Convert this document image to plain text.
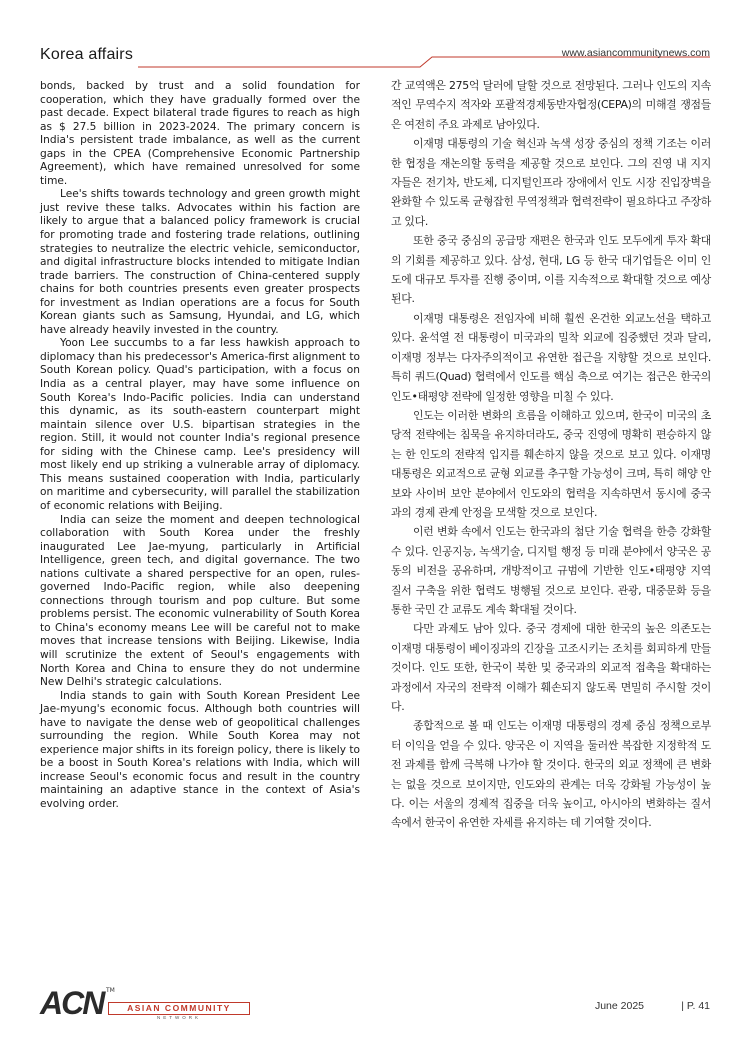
Korea affairs	www.asiancommunitynews.com

bonds, backed by trust and a solid foundation for cooperation, which they have gradually formed over the past decade. Expect bilateral trade figures to reach as high as $ 27.5 billion in 2023-2024. The primary concern is India's persistent trade imbalance, as well as the current gaps in the CPEA (Comprehensive Economic Partnership Agreement), which have remained unresolved for some time.

Lee's shifts towards technology and green growth might just revive these talks. Advocates within his faction are likely to argue that a balanced policy framework is crucial for promoting trade and fostering trade relations, outlining strategies to neutralize the electric vehicle, semiconductor, and digital infrastructure blocks intended to mitigate Indian trade barriers. The construction of China-centered supply chains for both countries presents even greater prospects for investment as Indian operations are a focus for South Korean giants such as Samsung, Hyundai, and LG, which have already heavily invested in the country.

Yoon Lee succumbs to a far less hawkish approach to diplomacy than his predecessor's America-first alignment to South Korean policy. Quad's participation, with a focus on India as a central player, may have some influence on South Korea's Indo-Pacific policies. India can understand this dynamic, as its south-eastern counterpart might maintain silence over U.S. bipartisan strategies in the region. Still, it would not counter India's regional presence for siding with the Chinese camp. Lee's presidency will most likely end up striking a vulnerable array of diplomacy. This means sustained cooperation with India, particularly on maritime and cybersecurity, will parallel the stabilization of economic relations with Beijing.

India can seize the moment and deepen technological collaboration with South Korea under the freshly inaugurated Lee Jae-myung, particularly in Artificial Intelligence, green tech, and digital governance. The two nations cultivate a shared perspective for an open, rules-governed Indo-Pacific region, while also deepening connections through tourism and pop culture. But some problems persist. The economic vulnerability of South Korea to China's economy means Lee will be careful not to make moves that increase tensions with Beijing. Likewise, India will scrutinize the extent of Seoul's engagements with North Korea and China to ensure they do not undermine New Delhi's strategic calculations.

India stands to gain with South Korean President Lee Jae-myung's economic focus. Although both countries will have to navigate the dense web of geopolitical challenges surrounding the region. While South Korea may not experience major shifts in its foreign policy, there is likely to be a boost in South Korea's relations with India, which will increase Seoul's economic focus and result in the country maintaining an adaptive stance in the context of Asia's evolving order.

간 교역액은 275억 달러에 달할 것으로 전망된다. 그러나 인도의 지속적인 무역수지 적자와 포괄적경제동반자협정(CEPA)의 미해결 쟁점들은 여전히 주요 과제로 남아있다.

이재명 대통령의 기술 혁신과 녹색 성장 중심의 정책 기조는 이러한 협정을 재논의할 동력을 제공할 것으로 보인다. 그의 진영 내 지지자들은 전기차, 반도체, 디지털인프라 장애에서 인도 시장 진입장벽을 완화할 수 있도록 균형잡힌 무역정책과 협력전략이 필요하다고 주장하고 있다.

또한 중국 중심의 공급망 재편은 한국과 인도 모두에게 투자 확대의 기회를 제공하고 있다. 삼성, 현대, LG 등 한국 대기업들은 이미 인도에 대규모 투자를 진행 중이며, 이를 지속적으로 확대할 것으로 예상된다.

이재명 대통령은 전임자에 비해 훨씬 온건한 외교노선을 택하고 있다. 윤석열 전 대통령이 미국과의 밀착 외교에 집중했던 것과 달리, 이재명 정부는 다자주의적이고 유연한 접근을 지향할 것으로 보인다. 특히 쿼드(Quad) 협력에서 인도를 핵심 축으로 여기는 접근은 한국의 인도•태평양 전략에 일정한 영향을 미칠 수 있다.

인도는 이러한 변화의 흐름을 이해하고 있으며, 한국이 미국의 초당적 전략에는 침묵을 유지하더라도, 중국 진영에 명확히 편승하지 않는 한 인도의 전략적 입지를 훼손하지 않을 것으로 보고 있다. 이재명 대통령은 외교적으로 균형 외교를 추구할 가능성이 크며, 특히 해양 안보와 사이버 보안 분야에서 인도와의 협력을 지속하면서 동시에 중국과의 경제 관계 안정을 모색할 것으로 보인다.

이런 변화 속에서 인도는 한국과의 첨단 기술 협력을 한층 강화할 수 있다. 인공지능, 녹색기술, 디지털 행정 등 미래 분야에서 양국은 공동의 비전을 공유하며, 개방적이고 규범에 기반한 인도•태평양 지역 질서 구축을 위한 협력도 병행될 것으로 보인다. 관광, 대중문화 등을 통한 국민 간 교류도 계속 확대될 것이다.

다만 과제도 남아 있다. 중국 경제에 대한 한국의 높은 의존도는 이재명 대통령이 베이징과의 긴장을 고조시키는 조치를 회피하게 만들 것이다. 인도 또한, 한국이 북한 및 중국과의 외교적 접촉을 확대하는 과정에서 자국의 전략적 이해가 훼손되지 않도록 면밀히 주시할 것이다.

종합적으로 볼 때 인도는 이재명 대통령의 경제 중심 정책으로부터 이익을 얻을 수 있다. 양국은 이 지역을 둘러싼 복잡한 지정학적 도전 과제를 함께 극복해 나가야 할 것이다. 한국의 외교 정책에 큰 변화는 없을 것으로 보이지만, 인도와의 관계는 더욱 강화될 가능성이 높다. 이는 서울의 경제적 집중을 더욱 높이고, 아시아의 변화하는 질서 속에서 한국이 유연한 자세를 유지하는 데 기여할 것이다.

ACN TM
ASIAN COMMUNITY
NETWORK
June 2025	| P. 41
